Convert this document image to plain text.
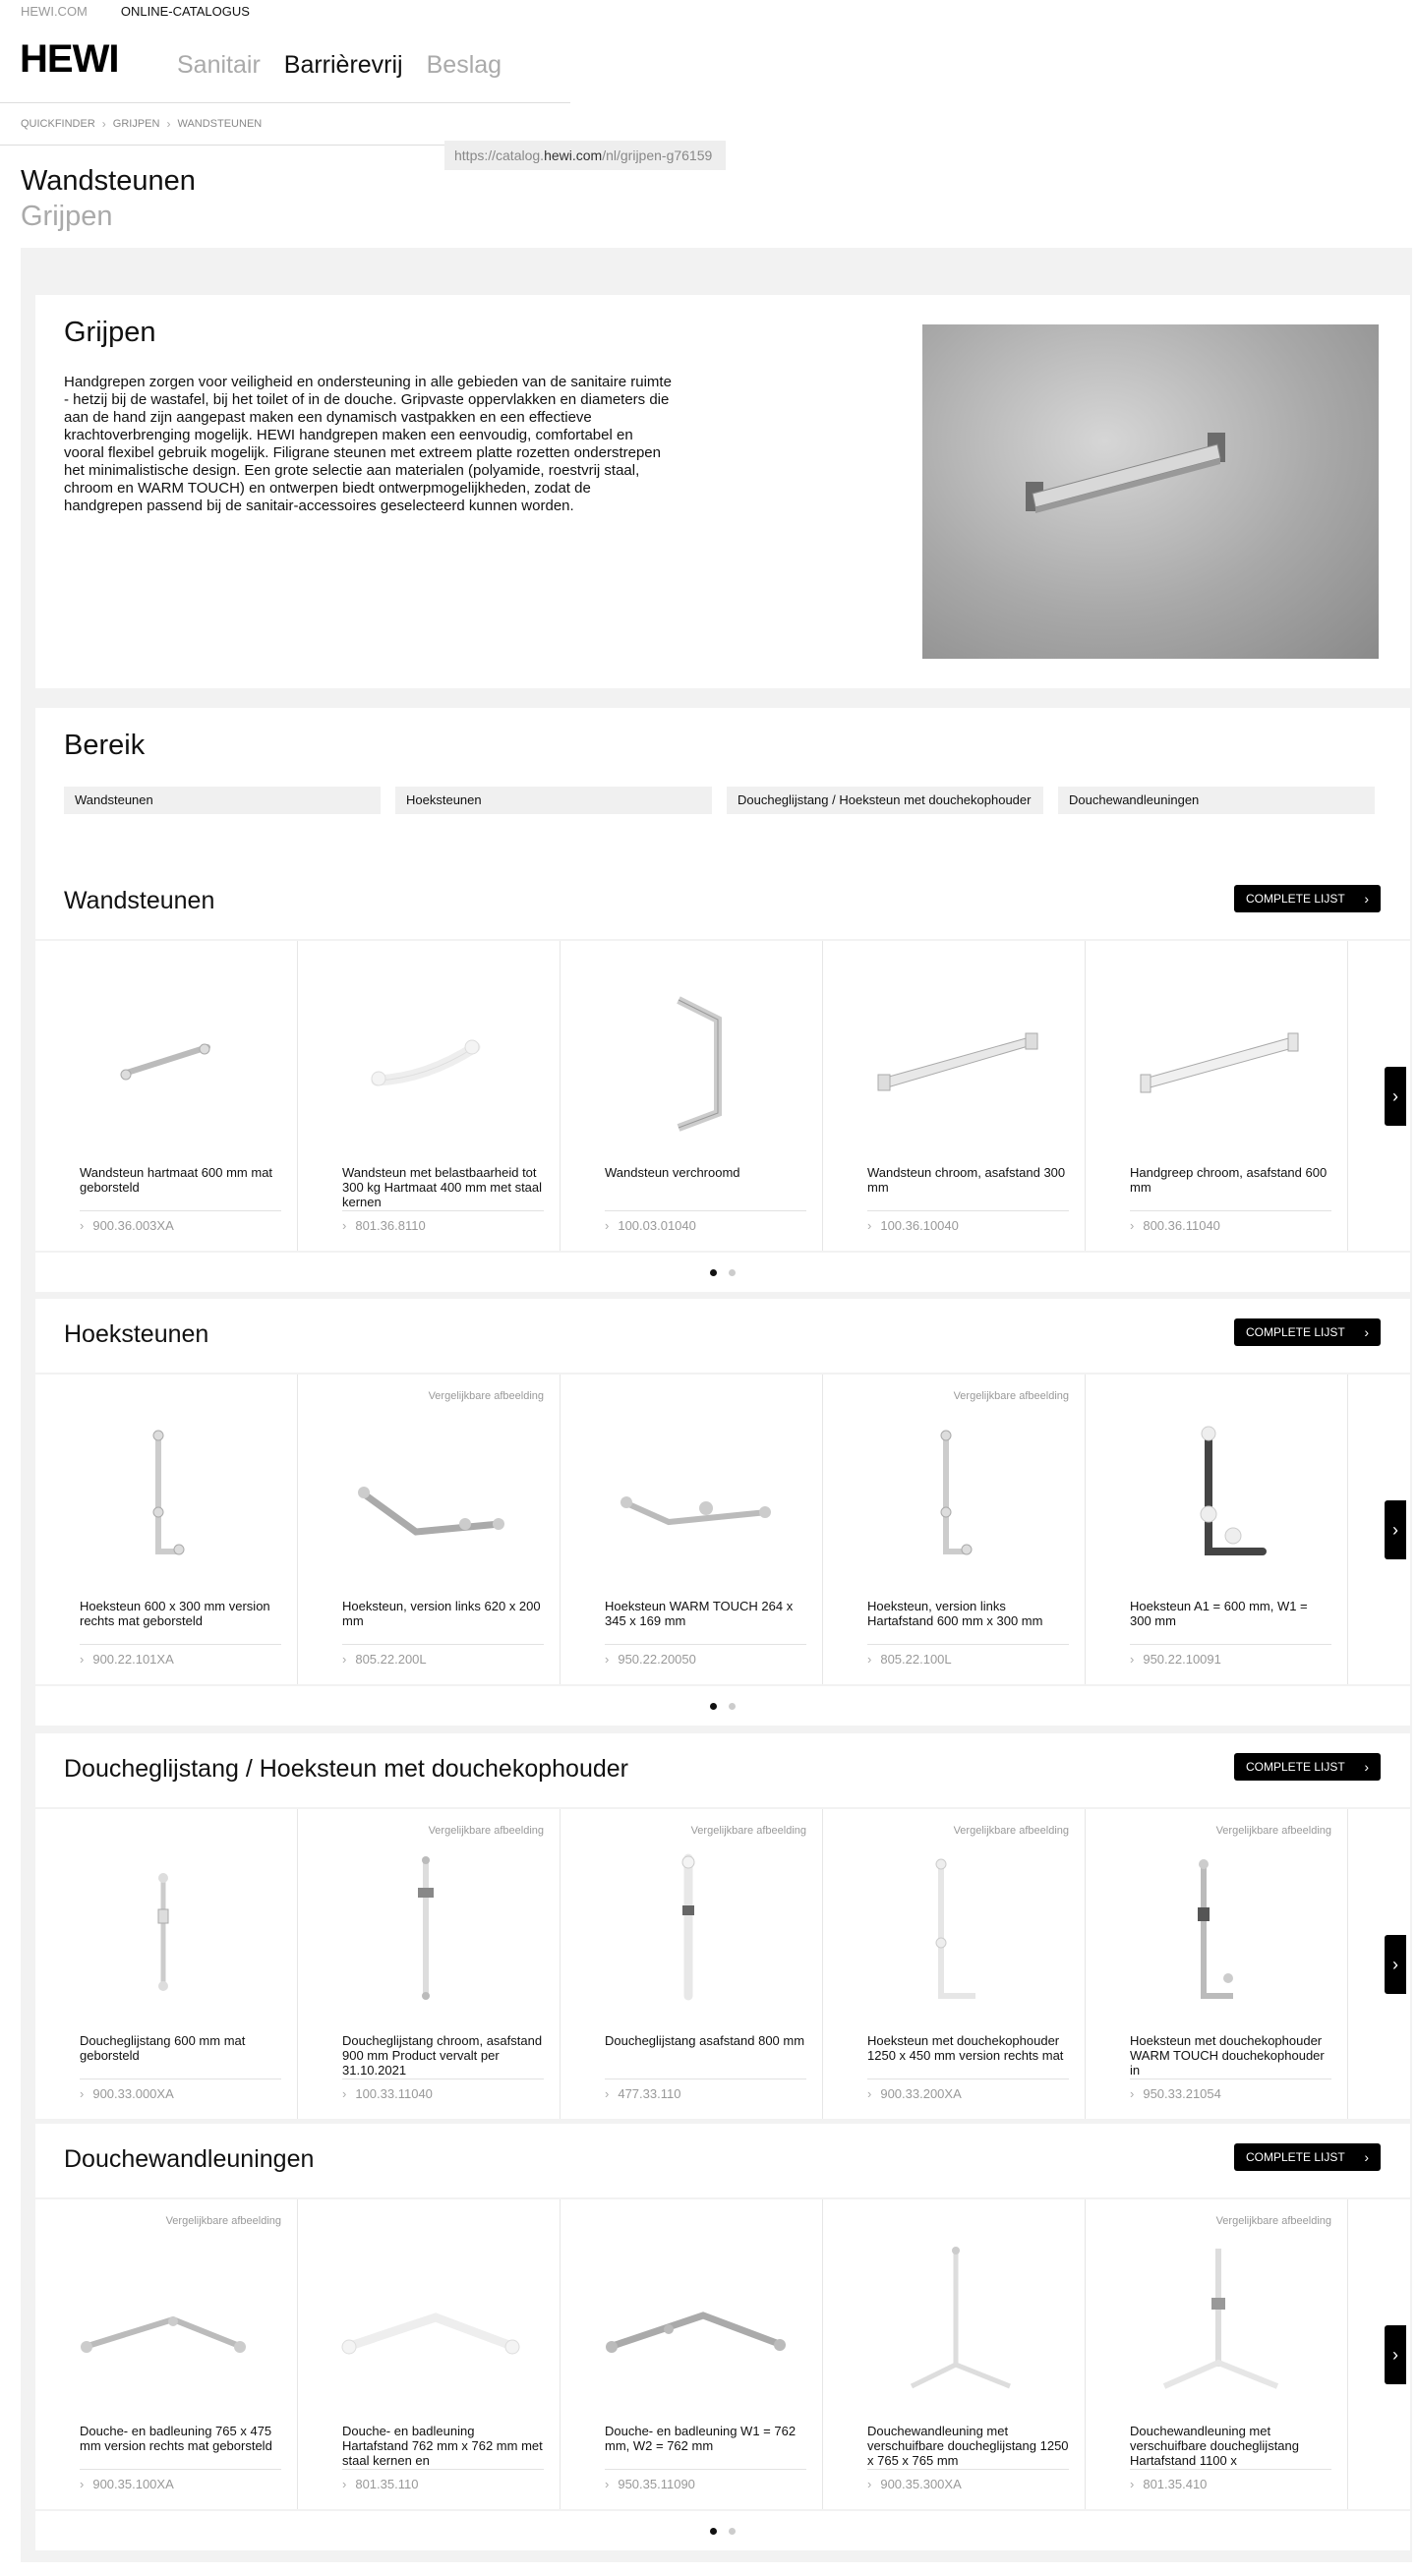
HEWI.COM	ONLINE-CATALOGUS
HEWI Sanitair Barrièrevrij Beslag
QUICKFINDER › GRIJPEN › WANDSTEUNEN
https://catalog. hewi.com /nl/grijpen-g76159
Wandsteunen
Grijpen
Grijpen

Handgrepen zorgen voor veiligheid en ondersteuning in alle gebieden van de sanitaire ruimte - hetzij bij de wastafel, bij het toilet of in de douche. Gripvaste oppervlakken en diameters die aan de hand zijn aangepast maken een dynamisch vastpakken en een effectieve krachtoverbrenging mogelijk. HEWI handgrepen maken een eenvoudig, comfortabel en vooral flexibel gebruik mogelijk. Filigrane steunen met extreem platte rozetten onderstrepen het minimalistische design. Een grote selectie aan materialen (polyamide, roestvrij staal, chroom en WARM TOUCH) en ontwerpen biedt ontwerpmogelijkheden, zodat de handgrepen passend bij de sanitair-accessoires geselecteerd kunnen worden.

Bereik
Wandsteunen	Hoeksteunen	Doucheglijstang / Hoeksteun met douchekophouder	Douchewandleuningen
Wandsteunen	COMPLETE LIJST ›
Wandsteun hartmaat 600 mm mat geborsteld
› 900.36.003XA
Wandsteun met belastbaarheid tot 300 kg Hartmaat 400 mm met staal kernen
› 801.36.8110
Wandsteun verchroomd
› 100.03.01040
Wandsteun chroom, asafstand 300 mm
› 100.36.10040
Handgreep chroom, asafstand 600 mm
› 800.36.11040
›
Hoeksteunen	COMPLETE LIJST ›
Hoeksteun 600 x 300 mm version rechts mat geborsteld
› 900.22.101XA
Vergelijkbare afbeelding
Hoeksteun, version links 620 x 200 mm
› 805.22.200L
Hoeksteun WARM TOUCH 264 x 345 x 169 mm
› 950.22.20050
Vergelijkbare afbeelding
Hoeksteun, version links Hartafstand 600 mm x 300 mm
› 805.22.100L
Hoeksteun A1 = 600 mm, W1 = 300 mm
› 950.22.10091
›
Doucheglijstang / Hoeksteun met douchekophouder	COMPLETE LIJST ›
Doucheglijstang 600 mm mat geborsteld
› 900.33.000XA
Vergelijkbare afbeelding
Doucheglijstang chroom, asafstand 900 mm Product vervalt per 31.10.2021
› 100.33.11040
Vergelijkbare afbeelding
Doucheglijstang asafstand 800 mm
› 477.33.110
Vergelijkbare afbeelding
Hoeksteun met douchekophouder 1250 x 450 mm version rechts mat
› 900.33.200XA
Vergelijkbare afbeelding
Hoeksteun met douchekophouder WARM TOUCH douchekophouder in
› 950.33.21054
›
Douchewandleuningen	COMPLETE LIJST ›
Vergelijkbare afbeelding
Douche- en badleuning 765 x 475 mm version rechts mat geborsteld
› 900.35.100XA
Douche- en badleuning Hartafstand 762 mm x 762 mm met staal kernen en
› 801.35.110
Douche- en badleuning W1 = 762 mm, W2 = 762 mm
› 950.35.11090
Douchewandleuning met verschuifbare doucheglijstang 1250 x 765 x 765 mm
› 900.35.300XA
Vergelijkbare afbeelding
Douchewandleuning met verschuifbare doucheglijstang Hartafstand 1100 x
› 801.35.410
›
